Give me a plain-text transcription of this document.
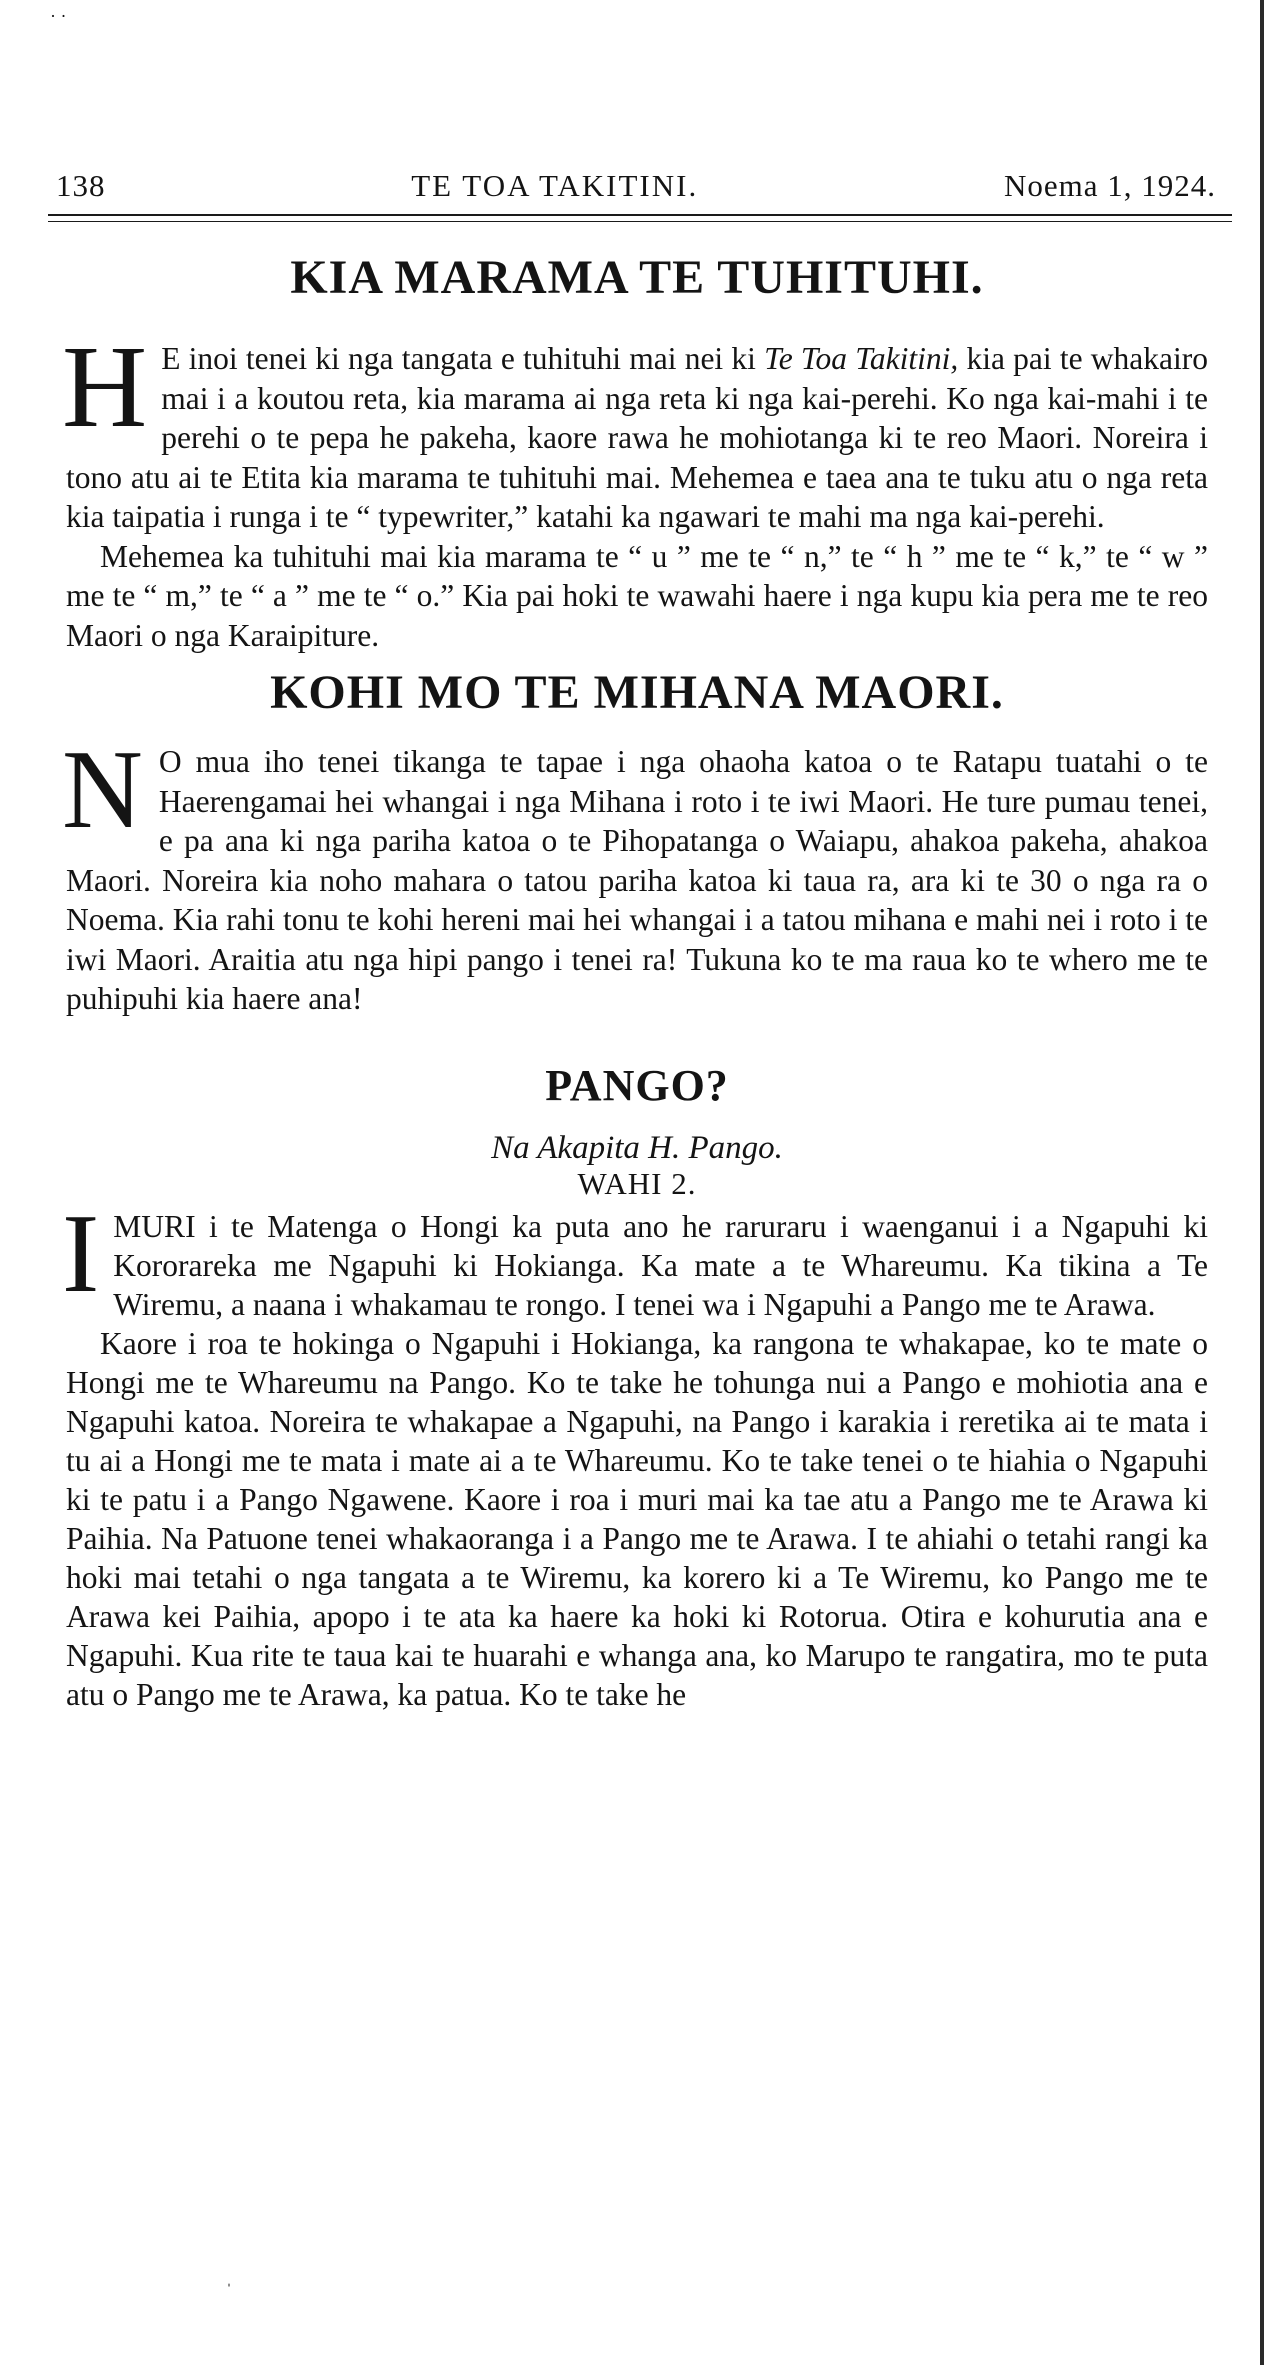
· ·
138	TE TOA TAKITINI.	Noema 1, 1924.
KIA MARAMA TE TUHITUHI.

H E inoi tenei ki nga tangata e tuhituhi mai nei ki Te Toa Takitini, kia pai te whakairo mai i a koutou reta, kia marama ai nga reta ki nga kai-perehi. Ko nga kai-mahi i te perehi o te pepa he pakeha, kaore rawa he mohiotanga ki te reo Maori. Noreira i tono atu ai te Etita kia marama te tuhituhi mai. Mehemea e taea ana te tuku atu o nga reta kia taipatia i runga i te “ typewriter,” katahi ka ngawari te mahi ma nga kai-perehi.

Mehemea ka tuhituhi mai kia marama te “ u ” me te “ n,” te “ h ” me te “ k,” te “ w ” me te “ m,” te “ a ” me te “ o.” Kia pai hoki te wawahi haere i nga kupu kia pera me te reo Maori o nga Karaipiture.

KOHI MO TE MIHANA MAORI.

N O mua iho tenei tikanga te tapae i nga ohaoha katoa o te Ratapu tuatahi o te Haerengamai hei whangai i nga Mihana i roto i te iwi Maori. He ture pumau tenei, e pa ana ki nga pariha katoa o te Pihopatanga o Waiapu, ahakoa pakeha, ahakoa Maori. Noreira kia noho mahara o tatou pariha katoa ki taua ra, ara ki te 30 o nga ra o Noema. Kia rahi tonu te kohi hereni mai hei whangai i a tatou mihana e mahi nei i roto i te iwi Maori. Araitia atu nga hipi pango i tenei ra! Tukuna ko te ma raua ko te whero me te puhipuhi kia haere ana!

PANGO?
Na Akapita H. Pango.
WAHI 2.

IMURI i te Matenga o Hongi ka puta ano he raruraru i waenganui i a Ngapuhi ki Kororareka me Ngapuhi ki Hokianga. Ka mate a te Whareumu. Ka tikina a Te Wiremu, a naana i whakamau te rongo. I tenei wa i Ngapuhi a Pango me te Arawa.

Kaore i roa te hokinga o Ngapuhi i Hokianga, ka rangona te whakapae, ko te mate o Hongi me te Whareumu na Pango. Ko te take he tohunga nui a Pango e mohiotia ana e Ngapuhi katoa. Noreira te whakapae a Ngapuhi, na Pango i karakia i reretika ai te mata i tu ai a Hongi me te mata i mate ai a te Whareumu. Ko te take tenei o te hiahia o Ngapuhi ki te patu i a Pango Ngawene. Kaore i roa i muri mai ka tae atu a Pango me te Arawa ki Paihia. Na Patuone tenei whakaoranga i a Pango me te Arawa. I te ahiahi o tetahi rangi ka hoki mai tetahi o nga tangata a te Wiremu, ka korero ki a Te Wiremu, ko Pango me te Arawa kei Paihia, apopo i te ata ka haere ka hoki ki Rotorua. Otira e kohurutia ana e Ngapuhi. Kua rite te taua kai te huarahi e whanga ana, ko Marupo te rangatira, mo te puta atu o Pango me te Arawa, ka patua. Ko te take he

ˈ
